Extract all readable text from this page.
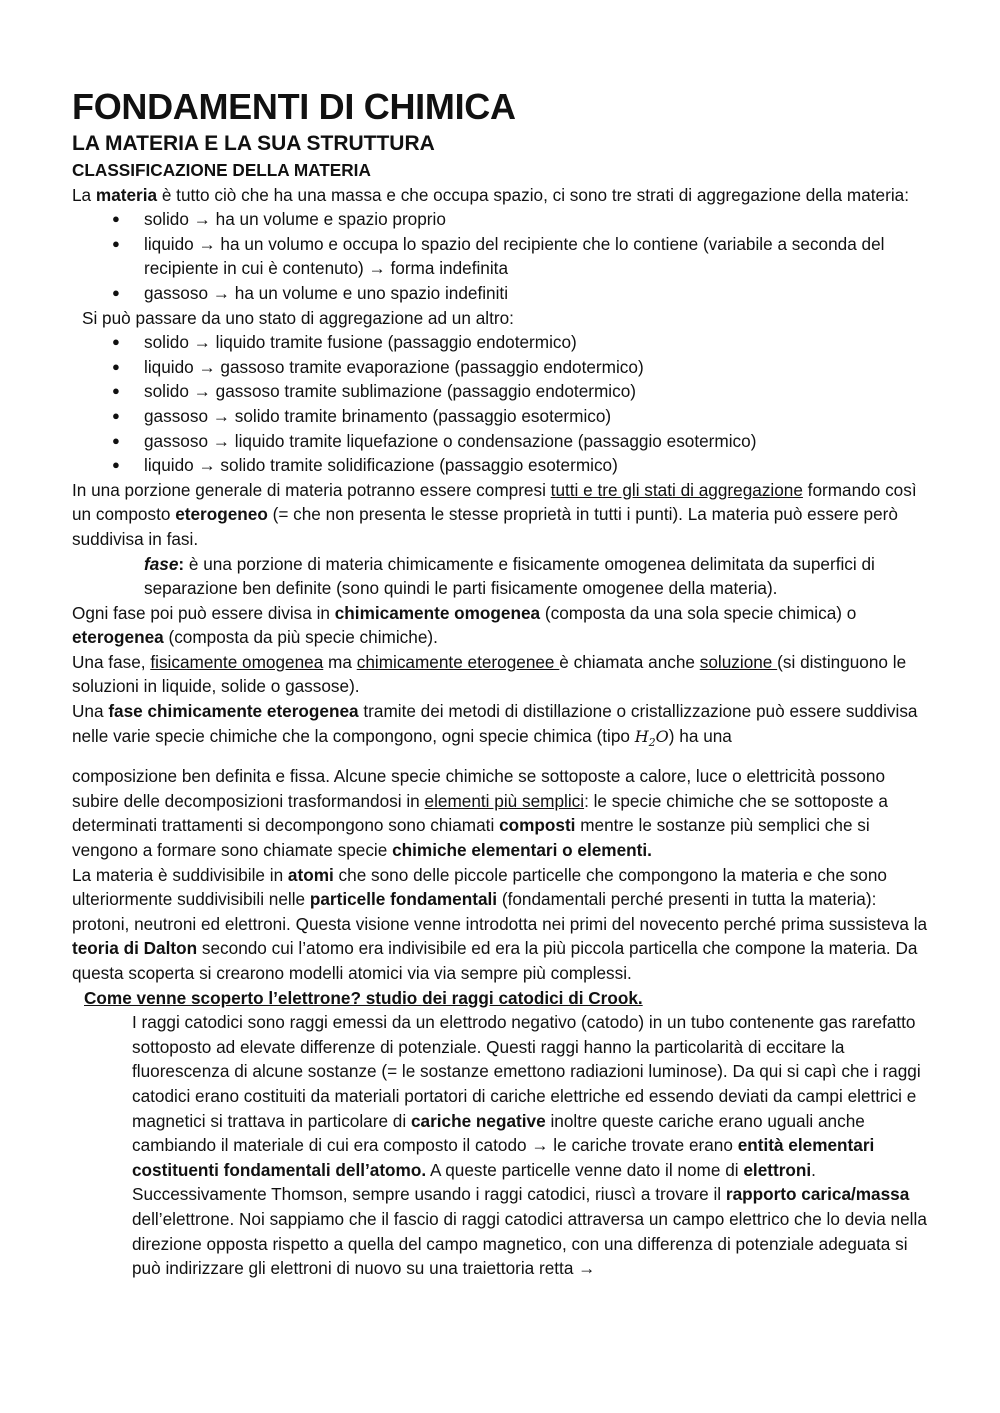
FONDAMENTI DI CHIMICA
LA MATERIA E LA SUA STRUTTURA
CLASSIFICAZIONE DELLA MATERIA

La materia è tutto ciò che ha una massa e che occupa spazio, ci sono tre strati di aggregazione della materia:

● solido → ha un volume e spazio proprio
● liquido → ha un volumo e occupa lo spazio del recipiente che lo contiene (variabile a seconda del recipiente in cui è contenuto) → forma indefinita
● gassoso → ha un volume e uno spazio indefiniti

Si può passare da uno stato di aggregazione ad un altro:

● solido → liquido tramite fusione (passaggio endotermico)
● liquido → gassoso tramite evaporazione (passaggio endotermico)
● solido → gassoso tramite sublimazione (passaggio endotermico)
● gassoso → solido tramite brinamento (passaggio esotermico)
● gassoso → liquido tramite liquefazione o condensazione (passaggio esotermico)
● liquido → solido tramite solidificazione (passaggio esotermico)

In una porzione generale di materia potranno essere compresi tutti e tre gli stati di aggregazione formando così un composto eterogeneo (= che non presenta le stesse proprietà in tutti i punti). La materia può essere però suddivisa in fasi.

fase: è una porzione di materia chimicamente e fisicamente omogenea delimitata da superfici di separazione ben definite (sono quindi le parti fisicamente omogenee della materia).

Ogni fase poi può essere divisa in chimicamente omogenea (composta da una sola specie chimica) o eterogenea (composta da più specie chimiche).

Una fase, fisicamente omogenea ma chimicamente eterogenee è chiamata anche soluzione (si distinguono le soluzioni in liquide, solide o gassose).

Una fase chimicamente eterogenea tramite dei metodi di distillazione o cristallizzazione può essere suddivisa nelle varie specie chimiche che la compongono, ogni specie chimica (tipo $H_2O$) ha una

composizione ben definita e fissa. Alcune specie chimiche se sottoposte a calore, luce o elettricità possono subire delle decomposizioni trasformandosi in elementi più semplici: le specie chimiche che se sottoposte a determinati trattamenti si decompongono sono chiamati composti mentre le sostanze più semplici che si vengono a formare sono chiamate specie chimiche elementari o elementi.

La materia è suddivisibile in atomi che sono delle piccole particelle che compongono la materia e che sono ulteriormente suddivisibili nelle particelle fondamentali (fondamentali perché presenti in tutta la materia): protoni, neutroni ed elettroni. Questa visione venne introdotta nei primi del novecento perché prima sussisteva la teoria di Dalton secondo cui l’atomo era indivisibile ed era la più piccola particella che compone la materia. Da questa scoperta si crearono modelli atomici via via sempre più complessi.

Come venne scoperto l’elettrone? studio dei raggi catodici di Crook.

I raggi catodici sono raggi emessi da un elettrodo negativo (catodo) in un tubo contenente gas rarefatto sottoposto ad elevate differenze di potenziale. Questi raggi hanno la particolarità di eccitare la fluorescenza di alcune sostanze (= le sostanze emettono radiazioni luminose). Da qui si capì che i raggi catodici erano costituiti da materiali portatori di cariche elettriche ed essendo deviati da campi elettrici e magnetici si trattava in particolare di cariche negative inoltre queste cariche erano uguali anche cambiando il materiale di cui era composto il catodo → le cariche trovate erano entità elementari costituenti fondamentali dell’atomo. A queste particelle venne dato il nome di elettroni.

Successivamente Thomson, sempre usando i raggi catodici, riuscì a trovare il rapporto carica/massa dell’elettrone. Noi sappiamo che il fascio di raggi catodici attraversa un campo elettrico che lo devia nella direzione opposta rispetto a quella del campo magnetico, con una differenza di potenziale adeguata si può indirizzare gli elettroni di nuovo su una traiettoria retta →
